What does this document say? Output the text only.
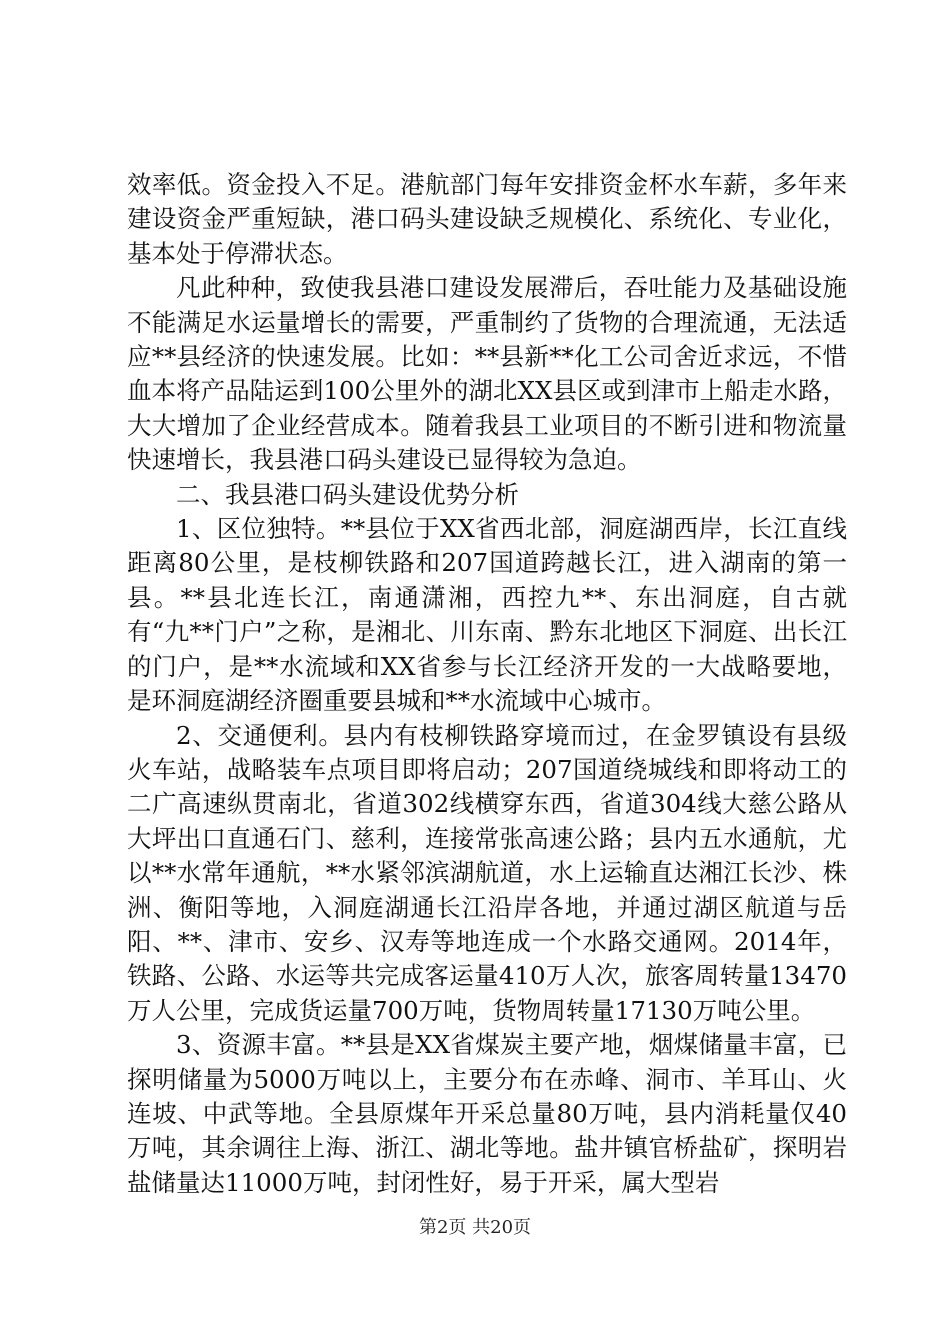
效率低。资金投入不足。港航部门每年安排资金杯水车薪，多年来建设资金严重短缺，港口码头建设缺乏规模化、系统化、专业化，基本处于停滞状态。

凡此种种，致使我县港口建设发展滞后，吞吐能力及基础设施不能满足水运量增长的需要，严重制约了货物的合理流通，无法适应**县经济的快速发展。比如：**县新**化工公司舍近求远，不惜血本将产品陆运到100公里外的湖北XX县区或到津市上船走水路，大大增加了企业经营成本。随着我县工业项目的不断引进和物流量快速增长，我县港口码头建设已显得较为急迫。

二、我县港口码头建设优势分析

1、区位独特。**县位于XX省西北部，洞庭湖西岸，长江直线距离80公里，是枝柳铁路和207国道跨越长江，进入湖南的第一县。**县北连长江，南通潇湘，西控九**、东出洞庭，自古就有“九**门户”之称，是湘北、川东南、黔东北地区下洞庭、出长江的门户，是**水流域和XX省参与长江经济开发的一大战略要地，是环洞庭湖经济圈重要县城和**水流域中心城市。

2、交通便利。县内有枝柳铁路穿境而过，在金罗镇设有县级火车站，战略装车点项目即将启动；207国道绕城线和即将动工的二广高速纵贯南北，省道302线横穿东西，省道304线大慈公路从大坪出口直通石门、慈利，连接常张高速公路；县内五水通航，尤以**水常年通航，**水紧邻滨湖航道，水上运输直达湘江长沙、株洲、衡阳等地，入洞庭湖通长江沿岸各地，并通过湖区航道与岳阳、**、津市、安乡、汉寿等地连成一个水路交通网。2014年，铁路、公路、水运等共完成客运量410万人次，旅客周转量13470万人公里，完成货运量700万吨，货物周转量17130万吨公里。

3、资源丰富。**县是XX省煤炭主要产地，烟煤储量丰富，已探明储量为5000万吨以上，主要分布在赤峰、洞市、羊耳山、火连坡、中武等地。全县原煤年开采总量80万吨，县内消耗量仅40万吨，其余调往上海、浙江、湖北等地。盐井镇官桥盐矿，探明岩盐储量达11000万吨，封闭性好，易于开采，属大型岩

第2页 共20页
